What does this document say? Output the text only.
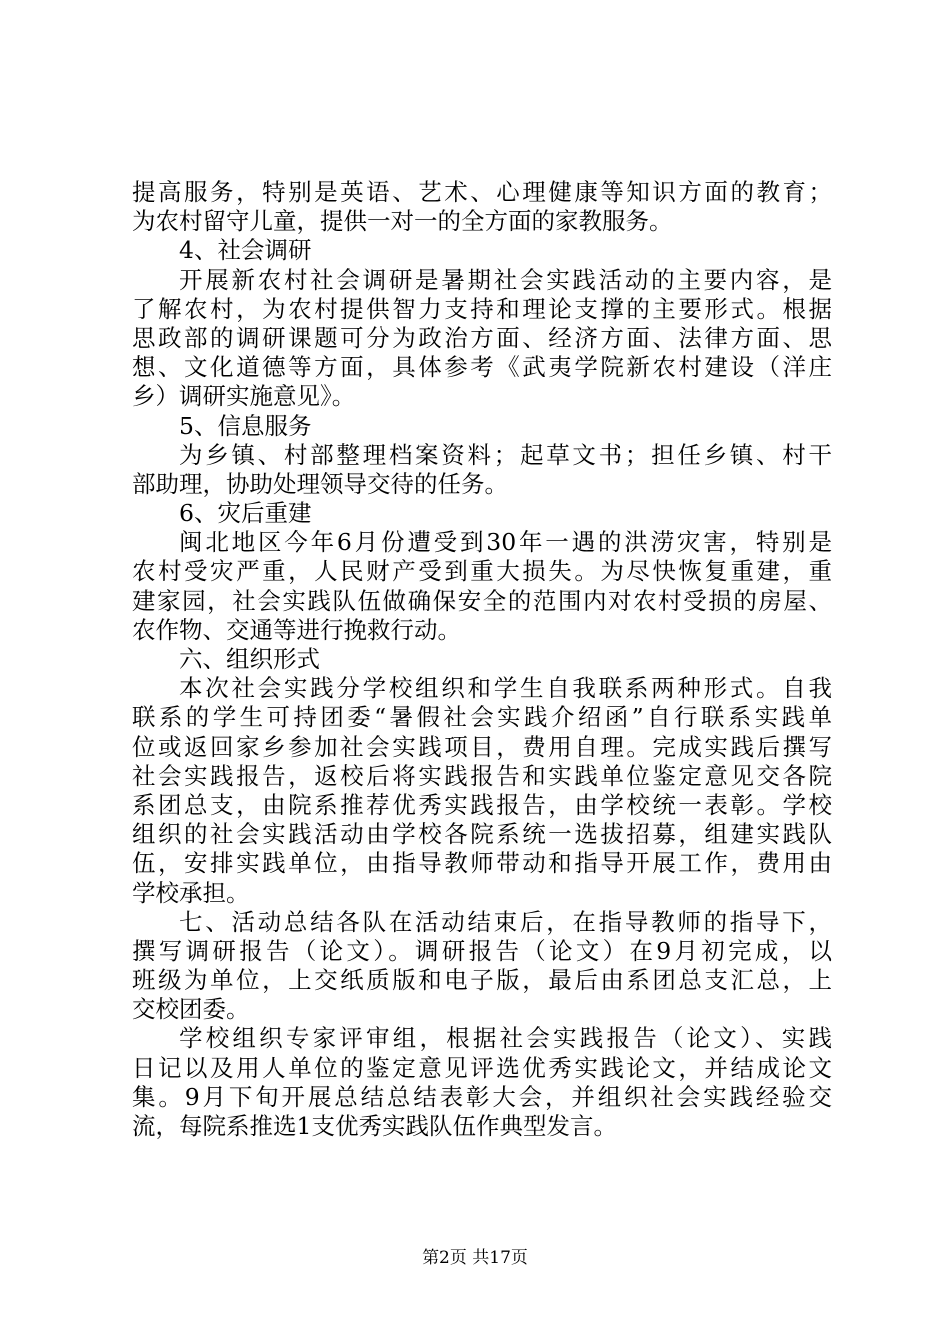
提高服务，特别是英语、艺术、心理健康等知识方面的教育；
为农村留守儿童，提供一对一的全方面的家教服务。
4、社会调研
开展新农村社会调研是暑期社会实践活动的主要内容，是
了解农村，为农村提供智力支持和理论支撑的主要形式。根据
思政部的调研课题可分为政治方面、经济方面、法律方面、思
想、文化道德等方面，具体参考《武夷学院新农村建设（洋庄
乡）调研实施意见》。
5、信息服务
为乡镇、村部整理档案资料；起草文书；担任乡镇、村干
部助理，协助处理领导交待的任务。
6、灾后重建
闽北地区今年6月份遭受到30年一遇的洪涝灾害，特别是
农村受灾严重，人民财产受到重大损失。为尽快恢复重建，重
建家园，社会实践队伍做确保安全的范围内对农村受损的房屋、
农作物、交通等进行挽救行动。
六、组织形式
本次社会实践分学校组织和学生自我联系两种形式。自我
联系的学生可持团委“暑假社会实践介绍函”自行联系实践单
位或返回家乡参加社会实践项目，费用自理。完成实践后撰写
社会实践报告，返校后将实践报告和实践单位鉴定意见交各院
系团总支，由院系推荐优秀实践报告，由学校统一表彰。学校
组织的社会实践活动由学校各院系统一选拔招募，组建实践队
伍，安排实践单位，由指导教师带动和指导开展工作，费用由
学校承担。
七、活动总结各队在活动结束后，在指导教师的指导下，
撰写调研报告（论文）。调研报告（论文）在9月初完成，以
班级为单位，上交纸质版和电子版，最后由系团总支汇总，上
交校团委。
学校组织专家评审组，根据社会实践报告（论文）、实践
日记以及用人单位的鉴定意见评选优秀实践论文，并结成论文
集。9月下旬开展总结总结表彰大会，并组织社会实践经验交
流，每院系推选1支优秀实践队伍作典型发言。
第2页 共17页
